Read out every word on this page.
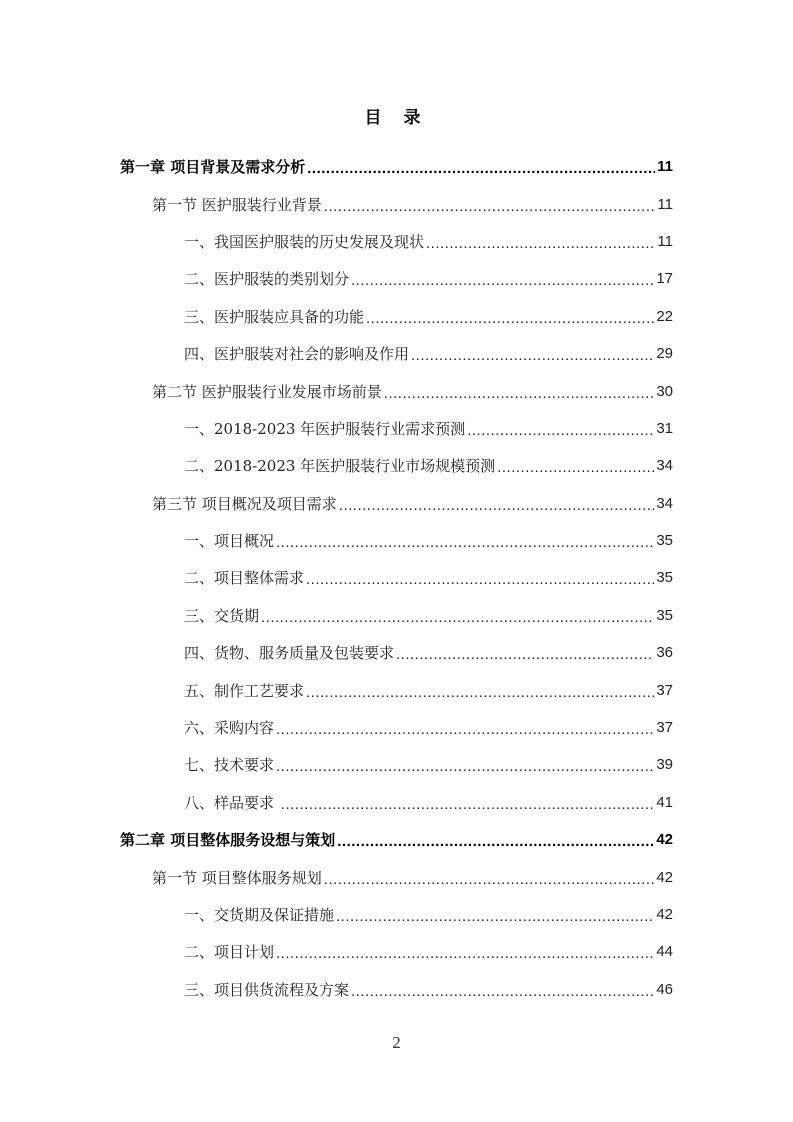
目 录
第一章 项目背景及需求分析 .....	11
第一节 医护服装行业背景 .....	11
一、我国医护服装的历史发展及现状 .....	11
二、医护服装的类别划分 .....	17
三、医护服装应具备的功能 .....	22
四、医护服装对社会的影响及作用 .....	29
第二节 医护服装行业发展市场前景 .....	30
一、2018-2023 年医护服装行业需求预测 .....	31
二、2018-2023 年医护服装行业市场规模预测 .....	34
第三节 项目概况及项目需求 .....	34
一、项目概况 .....	35
二、项目整体需求 .....	35
三、交货期 .....	35
四、货物、服务质量及包装要求 .....	36
五、制作工艺要求 .....	37
六、采购内容 .....	37
七、技术要求 .....	39
八、样品要求 .....	41
第二章 项目整体服务设想与策划 .....	42
第一节 项目整体服务规划 .....	42
一、交货期及保证措施 .....	42
二、项目计划 .....	44
三、项目供货流程及方案 .....	46
2
